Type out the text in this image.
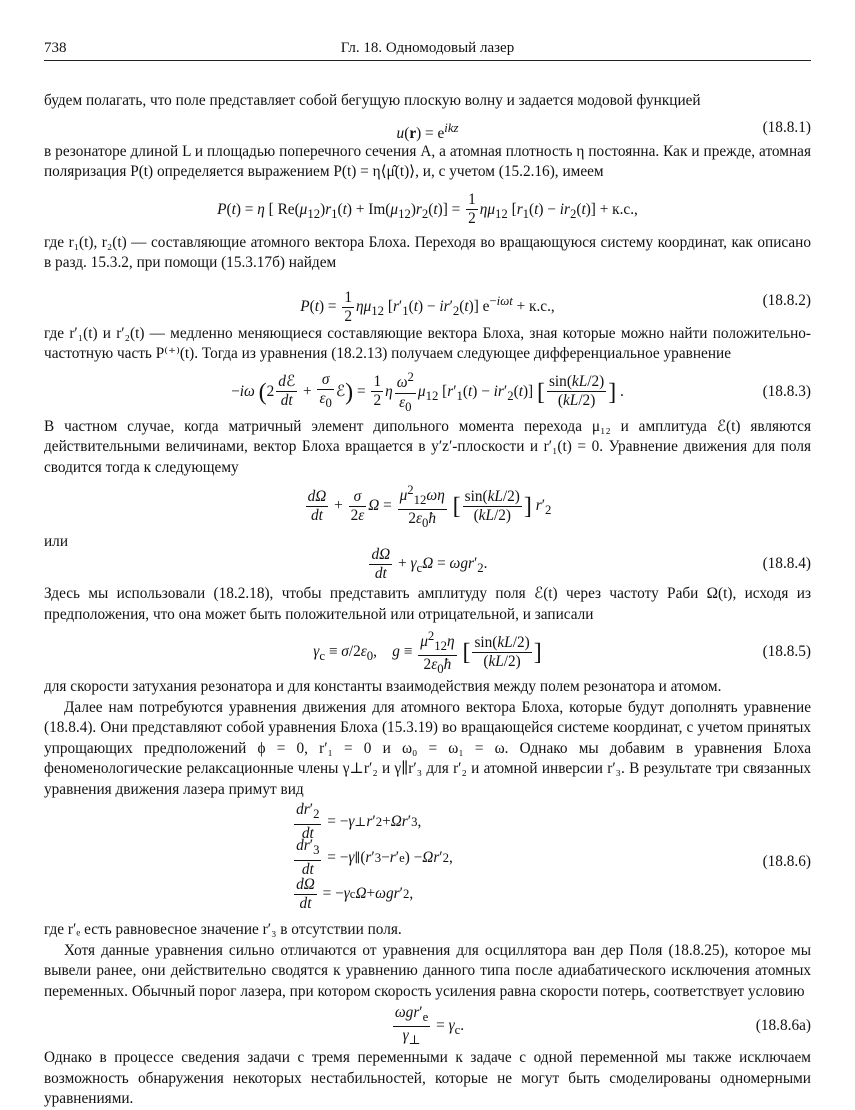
738	Гл. 18. Одномодовый лазер

будем полагать, что поле представляет собой бегущую плоскую волну и задается модовой функцией

$u(r) = e^{ikz}$	(18.8.1)

в резонаторе длиной L и площадью поперечного сечения A, а атомная плотность η постоянна. Как и прежде, атомная поляризация P(t) определяется выражением P(t) = η⟨μ̂(t)⟩, и, с учетом (15.2.16), имеем

P(t) = η [ $Re(\mu_{12})r_1(t) + Im(\mu_{12})r_2(t)] = \frac{1}{2} \eta\mu_{12}$ $[r_1(t) - ir_2(t)] + к.с$.,

где r₁(t), r₂(t) — составляющие атомного вектора Блоха. Переходя во вращающуюся систему координат, как описано в разд. 15.3.2, при помощи (15.3.17б) найдем

$P(t) = \frac{1}{2} \eta\mu_{12}$ $[r'_1(t) - ir'_2(t)] e^{-i\omega t} + к.с$.,	(18.8.2)

где r′₁(t) и r′₂(t) — медленно меняющиеся составляющие вектора Блоха, зная которые можно найти положительно-частотную часть P⁽⁺⁾(t). Тогда из уравнения (18.2.13) получаем следующее дифференциальное уравнение

−iω ($2 \frac{\text{dℰ}}{dt} + \frac{\sigma}{\varepsilon_0}$ ℰ) = $\frac{1}{2}$ η $\frac{\omega^2}{\varepsilon_0} \mu_{12}$ $[r'_1(t) - ir'_2(t)]$ [ $\frac{\sin(kL/2)}{(kL/2)}$ ] .	(18.8.3)

В частном случае, когда матричный элемент дипольного момента перехода μ₁₂ и амплитуда ℰ(t) являются действительными величинами, вектор Блоха вращается в y′z′-плоскости и r′₁(t) = 0. Уравнение движения для поля сводится тогда к следующему

$\frac{d\Omega}{dt} + \frac{\sigma}{2\varepsilon}$ $\Omega = \frac{\mu^2_{12}\omega\eta}{2\varepsilon_0ħ}$ [ $\frac{\sin(kL/2)}{(kL/2)}$ ] $r'_2$

или

$\frac{d\Omega}{dt} + \gamma_c\Omega = \omega gr'_2$.	(18.8.4)

Здесь мы использовали (18.2.18), чтобы представить амплитуду поля ℰ(t) через частоту Раби Ω(t), исходя из предположения, что она может быть положительной или отрицательной, и записали

$\gamma_c \equiv \sigma/2\varepsilon_0$,    $g \equiv \frac{\mu^2_{12}\eta}{2\varepsilon_0ħ}$ [ $\frac{\sin(kL/2)}{(kL/2)}$ ]	(18.8.5)

для скорости затухания резонатора и для константы взаимодействия между полем резонатора и атомом.

Далее нам потребуются уравнения движения для атомного вектора Блоха, которые будут дополнять уравнение (18.8.4). Они представляют собой уравнения Блоха (15.3.19) во вращающейся системе координат, с учетом принятых упрощающих предположений ϕ = 0, r′₁ = 0 и ω₀ = ω₁ = ω. Однако мы добавим в уравнения Блоха феноменологические релаксационные члены γ⊥r′₂ и γ∥r′₃ для r′₂ и атомной инверсии r′₃. В результате три связанных уравнения движения лазера примут вид

$\frac{dr'_2}{dt}$ = − γ ⊥ r ′ 2 + Ωr ′ 3 ,
$\frac{dr'_3}{dt}$ = − γ ∥ ( r ′ 3 − r ′ e ) − Ωr ′ 2 ,
$\frac{d\Omega}{dt}$ = − γ c Ω + ωgr ′ 2 ,
(18.8.6)

где r′ₑ есть равновесное значение r′₃ в отсутствии поля.

Хотя данные уравнения сильно отличаются от уравнения для осциллятора ван дер Поля (18.8.25), которое мы вывели ранее, они действительно сводятся к уравнению данного типа после адиабатического исключения атомных переменных. Обычный порог лазера, при котором скорость усиления равна скорости потерь, соответствует условию

$\frac{\omega gr'_e}{\gamma_\perp} = \gamma_c$.	(18.8.6а)

Однако в процессе сведения задачи с тремя переменными к задаче с одной переменной мы также исключаем возможность обнаружения некоторых нестабильностей, которые не могут быть смоделированы одномерными уравнениями.
